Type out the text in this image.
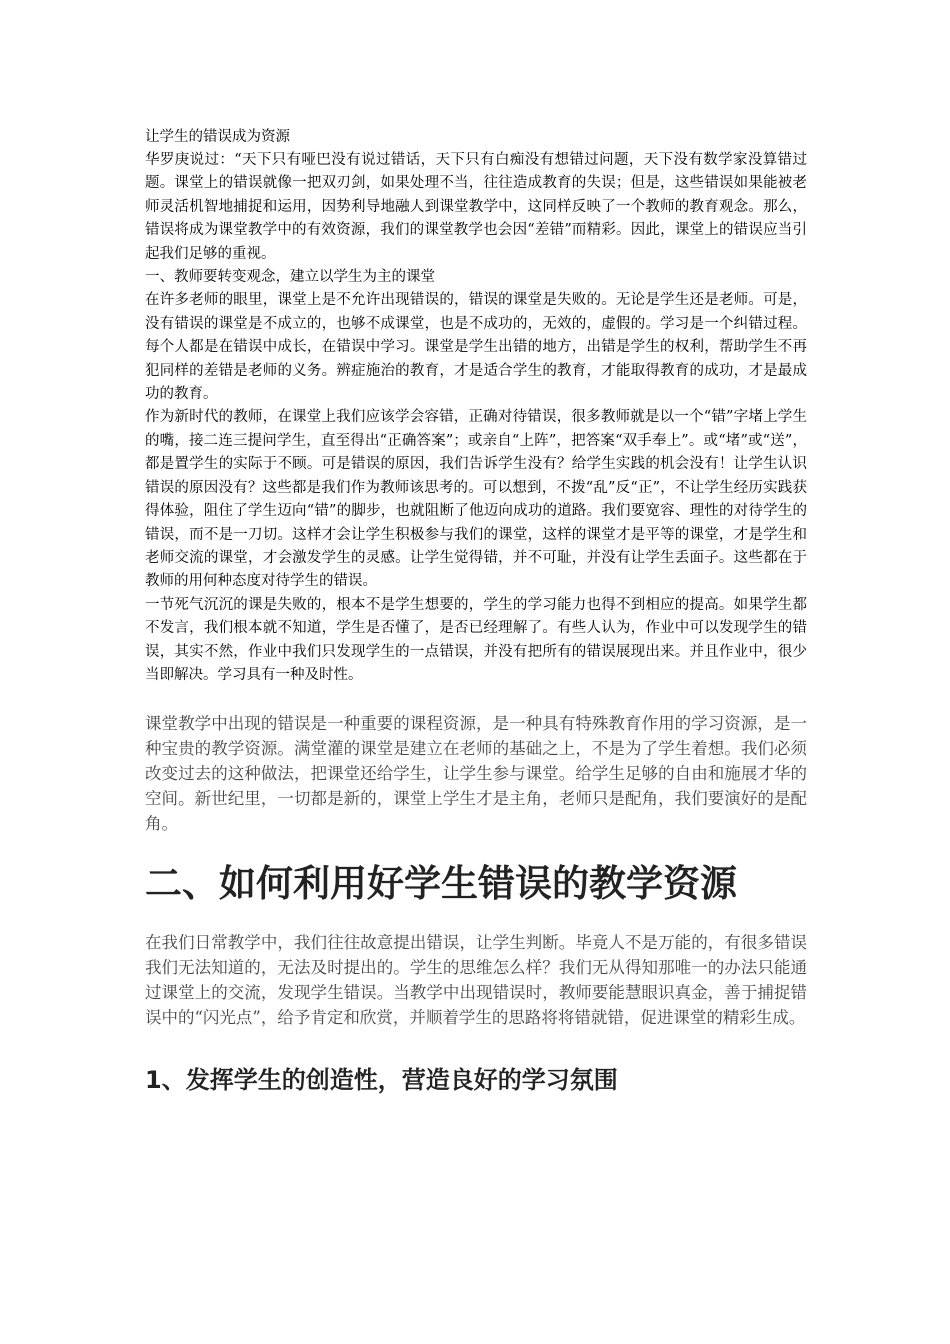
让学生的错误成为资源

华罗庚说过：“天下只有哑巴没有说过错话，天下只有白痴没有想错过问题，天下没有数学家没算错过题。课堂上的错误就像一把双刃剑，如果处理不当，往往造成教育的失误；但是，这些错误如果能被老师灵活机智地捕捉和运用，因势利导地融人到课堂教学中，这同样反映了一个教师的教育观念。那么，错误将成为课堂教学中的有效资源，我们的课堂教学也会因“差错”而精彩。因此，课堂上的错误应当引起我们足够的重视。

一、教师要转变观念，建立以学生为主的课堂

在许多老师的眼里，课堂上是不允许出现错误的，错误的课堂是失败的。无论是学生还是老师。可是，没有错误的课堂是不成立的，也够不成课堂，也是不成功的，无效的，虚假的。学习是一个纠错过程。每个人都是在错误中成长，在错误中学习。课堂是学生出错的地方，出错是学生的权利，帮助学生不再犯同样的差错是老师的义务。辨症施治的教育，才是适合学生的教育，才能取得教育的成功，才是最成功的教育。

作为新时代的教师，在课堂上我们应该学会容错，正确对待错误，很多教师就是以一个“错”字堵上学生的嘴，接二连三提问学生，直至得出“正确答案”；或亲自“上阵”，把答案“双手奉上”。或“堵”或“送”，都是置学生的实际于不顾。可是错误的原因，我们告诉学生没有？给学生实践的机会没有！让学生认识错误的原因没有？这些都是我们作为教师该思考的。可以想到，不拨“乱”反“正”，不让学生经历实践获得体验，阻住了学生迈向“错”的脚步，也就阻断了他迈向成功的道路。我们要宽容、理性的对待学生的错误，而不是一刀切。这样才会让学生积极参与我们的课堂，这样的课堂才是平等的课堂，才是学生和老师交流的课堂，才会激发学生的灵感。让学生觉得错，并不可耻，并没有让学生丢面子。这些都在于教师的用何种态度对待学生的错误。

一节死气沉沉的课是失败的，根本不是学生想要的，学生的学习能力也得不到相应的提高。如果学生都不发言，我们根本就不知道，学生是否懂了，是否已经理解了。有些人认为，作业中可以发现学生的错误，其实不然，作业中我们只发现学生的一点错误，并没有把所有的错误展现出来。并且作业中，很少当即解决。学习具有一种及时性。

课堂教学中出现的错误是一种重要的课程资源，是一种具有特殊教育作用的学习资源，是一种宝贵的教学资源。满堂灌的课堂是建立在老师的基础之上，不是为了学生着想。我们必须改变过去的这种做法，把课堂还给学生，让学生参与课堂。给学生足够的自由和施展才华的空间。新世纪里，一切都是新的，课堂上学生才是主角，老师只是配角，我们要演好的是配角。

二、如何利用好学生错误的教学资源

在我们日常教学中，我们往往故意提出错误，让学生判断。毕竟人不是万能的，有很多错误我们无法知道的，无法及时提出的。学生的思维怎么样？我们无从得知那唯一的办法只能通过课堂上的交流，发现学生错误。当教学中出现错误时，教师要能慧眼识真金，善于捕捉错误中的“闪光点”，给予肯定和欣赏，并顺着学生的思路将将错就错，促进课堂的精彩生成。

1、发挥学生的创造性，营造良好的学习氛围
